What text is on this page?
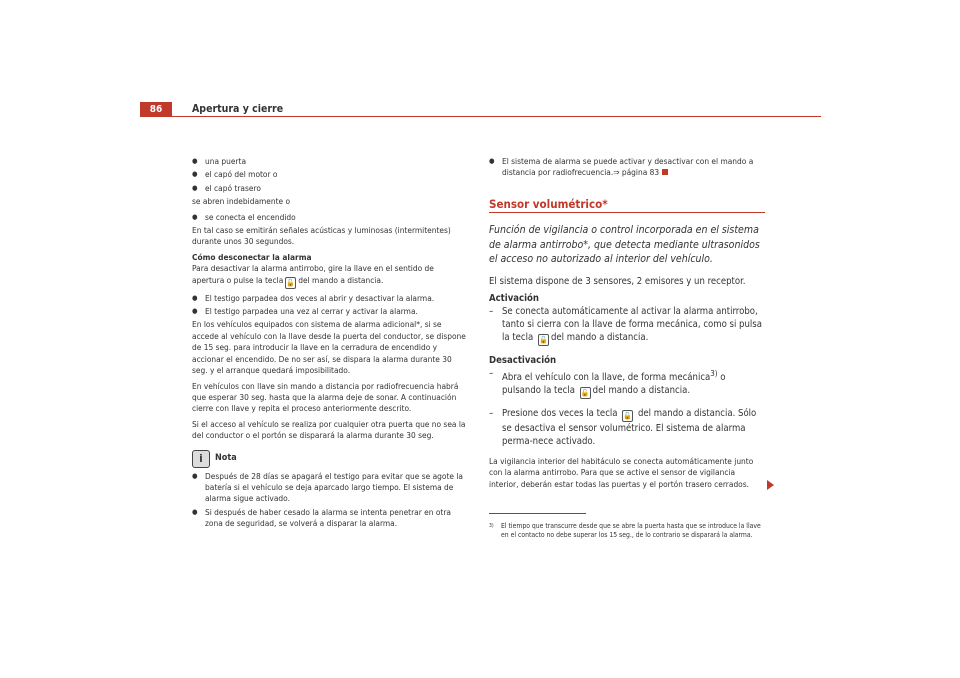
86	Apertura y cierre
● una puerta
● el capó del motor o
● el capó trasero

se abren indebidamente o

● se conecta el encendido

En tal caso se emitirán señales acústicas y luminosas (intermitentes) durante unos 30 segundos.

Cómo desconectar la alarma

Para desactivar la alarma antirrobo, gire la llave en el sentido de apertura o pulse la tecla 🔓 del mando a distancia.

● El testigo parpadea dos veces al abrir y desactivar la alarma.
● El testigo parpadea una vez al cerrar y activar la alarma.

En los vehículos equipados con sistema de alarma adicional*, si se accede al vehículo con la llave desde la puerta del conductor, se dispone de 15 seg. para introducir la llave en la cerradura de encendido y accionar el encendido. De no ser así, se dispara la alarma durante 30 seg. y el arranque quedará imposibilitado.

En vehículos con llave sin mando a distancia por radiofrecuencia habrá que esperar 30 seg. hasta que la alarma deje de sonar. A continuación cierre con llave y repita el proceso anteriormente descrito.

Si el acceso al vehículo se realiza por cualquier otra puerta que no sea la del conductor o el portón se disparará la alarma durante 30 seg.

i	Nota
● Después de 28 días se apagará el testigo para evitar que se agote la batería si el vehículo se deja aparcado largo tiempo. El sistema de alarma sigue activado.
● Si después de haber cesado la alarma se intenta penetrar en otra zona de seguridad, se volverá a disparar la alarma.
● El sistema de alarma se puede activar y desactivar con el mando a distancia por radiofrecuencia.⇒ página 83
Sensor volumétrico*
Función de vigilancia o control incorporada en el sistema de alarma antirrobo*, que detecta mediante ultrasonidos el acceso no autorizado al interior del vehículo.

El sistema dispone de 3 sensores, 2 emisores y un receptor.

Activación
– Se conecta automáticamente al activar la alarma antirrobo, tanto si cierra con la llave de forma mecánica, como si pulsa la tecla 🔓 del mando a distancia.
Desactivación
– Abra el vehículo con la llave, de forma mecánica$^{3)}$ o pulsando la tecla 🔓 del mando a distancia.
– Presione dos veces la tecla 🔓 del mando a distancia. Sólo se desactiva el sensor volumétrico. El sistema de alarma perma-nece activado.

La vigilancia interior del habitáculo se conecta automáticamente junto con la alarma antirrobo. Para que se active el sensor de vigilancia interior, deberán estar todas las puertas y el portón trasero cerrados.

$^{3)}$ El tiempo que transcurre desde que se abre la puerta hasta que se introduce la llave en el contacto no debe superar los 15 seg., de lo contrario se disparará la alarma.
